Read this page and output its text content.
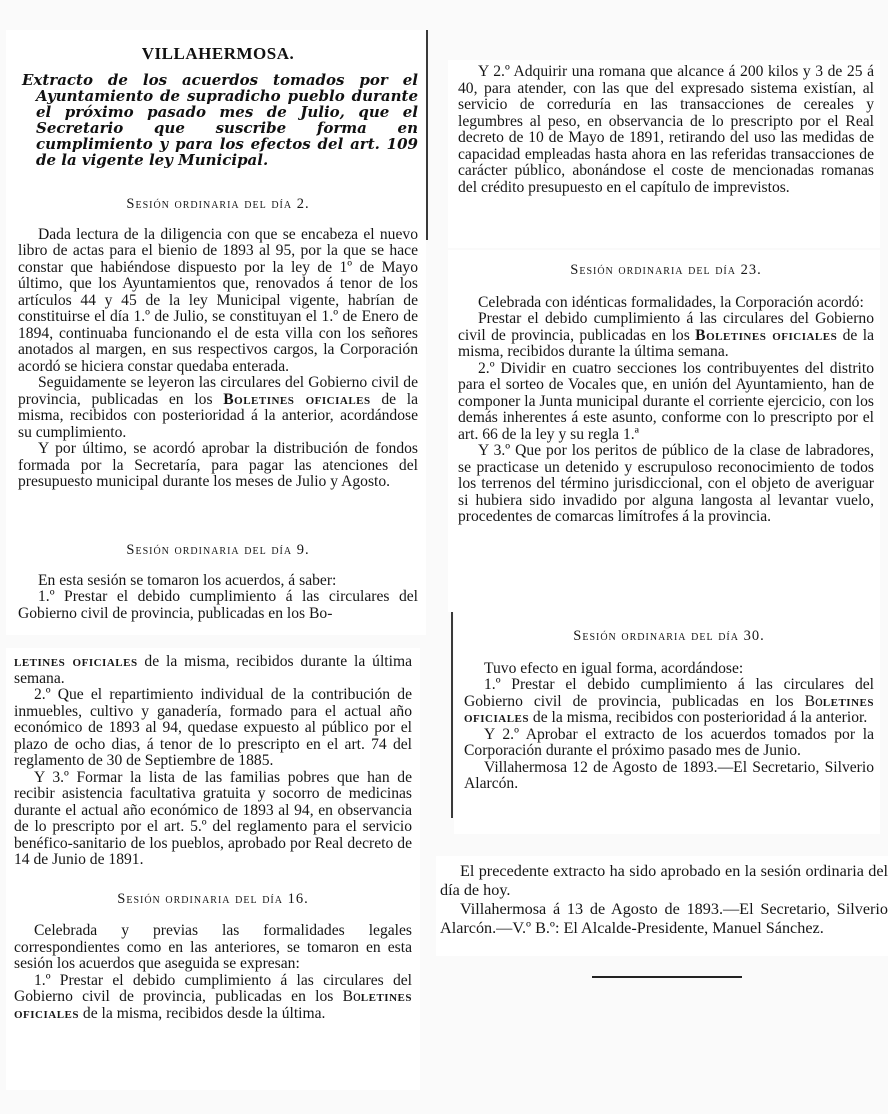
VILLAHERMOSA.

Extracto de los acuerdos tomados por el Ayuntamiento de supradicho pueblo durante el próximo pasado mes de Julio, que el Secretario que suscribe forma en cumplimiento y para los efectos del art. 109 de la vigente ley Municipal.

Sesión ordinaria del día 2.

Dada lectura de la diligencia con que se encabeza el nuevo libro de actas para el bienio de 1893 al 95, por la que se hace constar que habiéndose dispuesto por la ley de 1º de Mayo último, que los Ayuntamientos que, renovados á tenor de los artículos 44 y 45 de la ley Municipal vigente, habrían de constituirse el día 1.º de Julio, se constituyan el 1.º de Enero de 1894, continuaba funcionando el de esta villa con los señores anotados al margen, en sus respectivos cargos, la Corporación acordó se hiciera constar quedaba enterada.

Seguidamente se leyeron las circulares del Gobierno civil de provincia, publicadas en los Boletines oficiales de la misma, recibidos con posterioridad á la anterior, acordándose su cumplimiento.

Y por último, se acordó aprobar la distribución de fondos formada por la Secretaría, para pagar las atenciones del presupuesto municipal durante los meses de Julio y Agosto.

Sesión ordinaria del día 9.

En esta sesión se tomaron los acuerdos, á saber:

1.º Prestar el debido cumplimiento á las circulares del Gobierno civil de provincia, publicadas en los Bo-

letines oficiales de la misma, recibidos durante la última semana.

2.º Que el repartimiento individual de la contribución de inmuebles, cultivo y ganadería, formado para el actual año económico de 1893 al 94, quedase expuesto al público por el plazo de ocho dias, á tenor de lo prescripto en el art. 74 del reglamento de 30 de Septiembre de 1885.

Y 3.º Formar la lista de las familias pobres que han de recibir asistencia facultativa gratuita y socorro de medicinas durante el actual año económico de 1893 al 94, en observancia de lo prescripto por el art. 5.º del reglamento para el servicio benéfico-sanitario de los pueblos, aprobado por Real decreto de 14 de Junio de 1891.

Sesión ordinaria del día 16.

Celebrada y previas las formalidades legales correspondientes como en las anteriores, se tomaron en esta sesión los acuerdos que aseguida se expresan:

1.º Prestar el debido cumplimiento á las circulares del Gobierno civil de provincia, publicadas en los Boletines oficiales de la misma, recibidos desde la última.

Y 2.º Adquirir una romana que alcance á 200 kilos y 3 de 25 á 40, para atender, con las que del expresado sistema existían, al servicio de correduría en las transacciones de cereales y legumbres al peso, en observancia de lo prescripto por el Real decreto de 10 de Mayo de 1891, retirando del uso las medidas de capacidad empleadas hasta ahora en las referidas transacciones de carácter público, abonándose el coste de mencionadas romanas del crédito presupuesto en el capítulo de imprevistos.

Sesión ordinaria del día 23.

Celebrada con idénticas formalidades, la Corporación acordó:

Prestar el debido cumplimiento á las circulares del Gobierno civil de provincia, publicadas en los Boletines oficiales de la misma, recibidos durante la última semana.

2.º Dividir en cuatro secciones los contribuyentes del distrito para el sorteo de Vocales que, en unión del Ayuntamiento, han de componer la Junta municipal durante el corriente ejercicio, con los demás inherentes á este asunto, conforme con lo prescripto por el art. 66 de la ley y su regla 1.ª

Y 3.º Que por los peritos de público de la clase de labradores, se practicase un detenido y escrupuloso reconocimiento de todos los terrenos del término jurisdiccional, con el objeto de averiguar si hubiera sido invadido por alguna langosta al levantar vuelo, procedentes de comarcas limítrofes á la provincia.

Sesión ordinaria del día 30.

Tuvo efecto en igual forma, acordándose:

1.º Prestar el debido cumplimiento á las circulares del Gobierno civil de provincia, publicadas en los Boletines oficiales de la misma, recibidos con posterioridad á la anterior.

Y 2.º Aprobar el extracto de los acuerdos tomados por la Corporación durante el próximo pasado mes de Junio.

Villahermosa 12 de Agosto de 1893.—El Secretario, Silverio Alarcón.

El precedente extracto ha sido aprobado en la sesión ordinaria del día de hoy.

Villahermosa á 13 de Agosto de 1893.—El Secretario, Silverio Alarcón.—V.º B.º: El Alcalde-Presidente, Manuel Sánchez.
